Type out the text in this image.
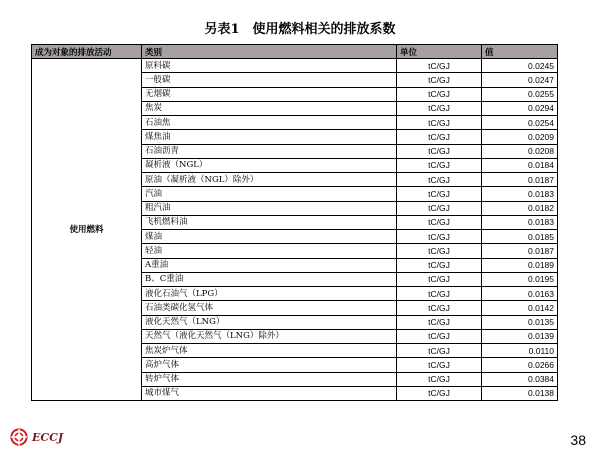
另表1　使用燃料相关的排放系数
成为对象的排放活动	类别	单位	值
使用燃料	原料碳	tC/GJ	0.0245
	一般碳	tC/GJ	0.0247
	无烟碳	tC/GJ	0.0255
	焦炭	tC/GJ	0.0294
	石油焦	tC/GJ	0.0254
	煤焦油	tC/GJ	0.0209
	石油沥青	tC/GJ	0.0208
	凝析液（NGL）	tC/GJ	0.0184
	原油（凝析液（NGL）除外）	tC/GJ	0.0187
	汽油	tC/GJ	0.0183
	粗汽油	tC/GJ	0.0182
	飞机燃料油	tC/GJ	0.0183
	煤油	tC/GJ	0.0185
	轻油	tC/GJ	0.0187
	A重油	tC/GJ	0.0189
	B、C重油	tC/GJ	0.0195
	液化石油气（LPG）	tC/GJ	0.0163
	石油类碳化氢气体	tC/GJ	0.0142
	液化天然气（LNG）	tC/GJ	0.0135
	天然气（液化天然气（LNG）除外）	tC/GJ	0.0139
	焦炭炉气体	tC/GJ	0.0110
	高炉气体	tC/GJ	0.0266
	转炉气体	tC/GJ	0.0384
	城市煤气	tC/GJ	0.0138
ECCJ	38
